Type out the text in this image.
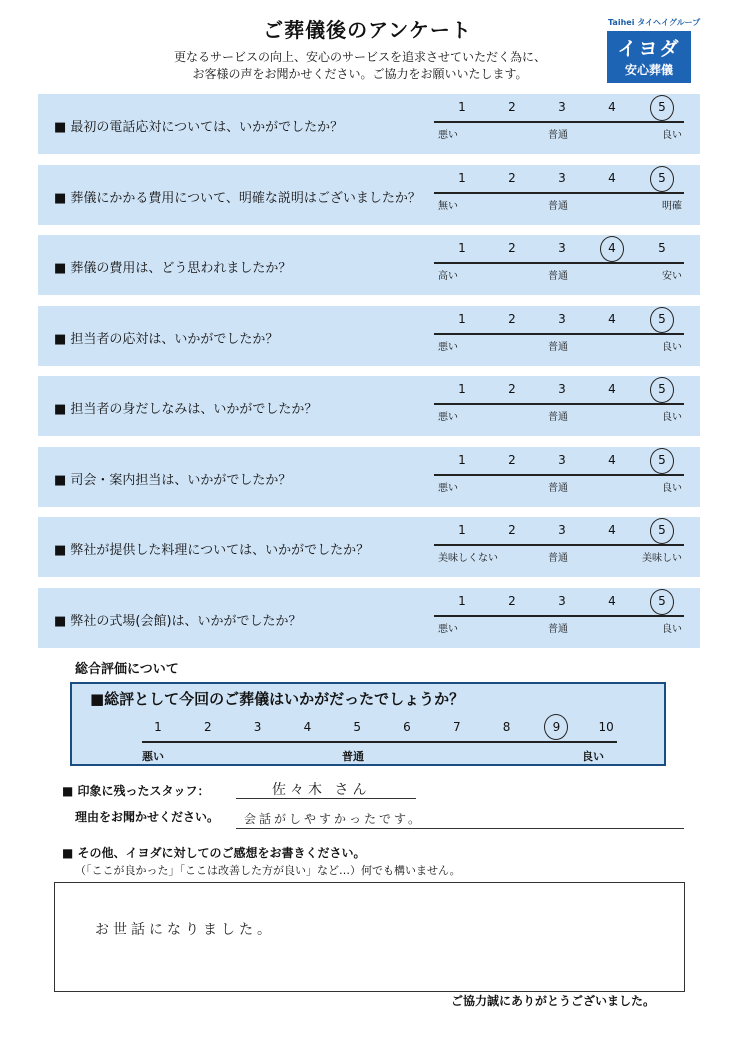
ご葬儀後のアンケート
更なるサービスの向上、安心のサービスを追求させていただく為に、
お客様の声をお聞かせください。ご協力をお願いいたします。
Taihei タイヘイグループ
イヨダ
安心葬儀
■ 最初の電話応対については、いかがでしたか？
1	2	3	4	5
悪い	普通	良い
■ 葬儀にかかる費用について、明確な説明はございましたか？
1	2	3	4	5
無い	普通	明確
■ 葬儀の費用は、どう思われましたか？
1	2	3	4	5
高い	普通	安い
■ 担当者の応対は、いかがでしたか？
1	2	3	4	5
悪い	普通	良い
■ 担当者の身だしなみは、いかがでしたか？
1	2	3	4	5
悪い	普通	良い
■ 司会・案内担当は、いかがでしたか？
1	2	3	4	5
悪い	普通	良い
■ 弊社が提供した料理については、いかがでしたか？
1	2	3	4	5
美味しくない	普通	美味しい
■ 弊社の式場(会館)は、いかがでしたか？
1	2	3	4	5
悪い	普通	良い
総合評価について
■総評として今回のご葬儀はいかがだったでしょうか？
1	2	3	4	5	6	7	8	9	10
悪い	普通	良い
■ 印象に残ったスタッフ：	佐々木 さん
理由をお聞かせください。 会話がしやすかったです。
■ その他、イヨダに対してのご感想をお書きください。
（「ここが良かった」「ここは改善した方が良い」など…）何でも構いません。
お世話になりました。
ご協力誠にありがとうございました。
